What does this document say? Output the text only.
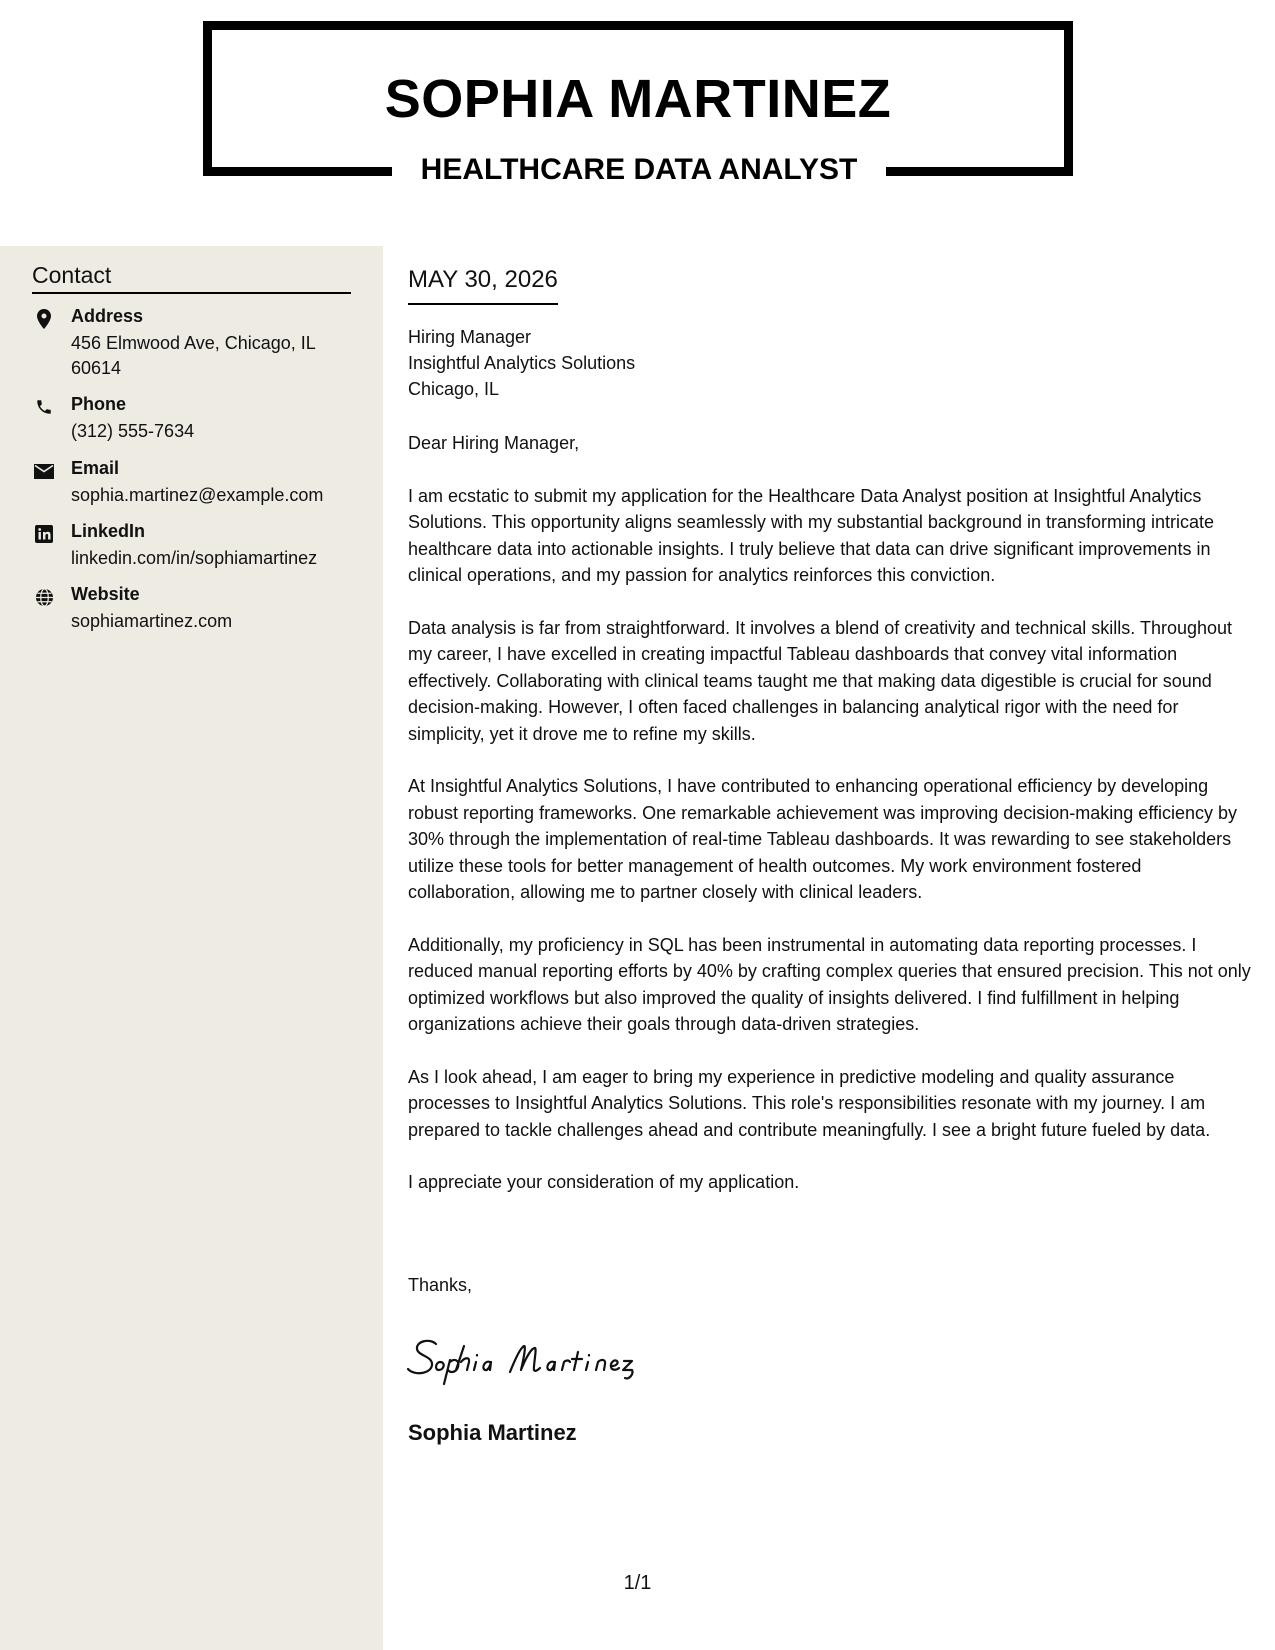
SOPHIA MARTINEZ
HEALTHCARE DATA ANALYST
Contact
Address
456 Elmwood Ave, Chicago, IL 60614
Phone
(312) 555-7634
Email
sophia.martinez@example.com
LinkedIn
linkedin.com/in/sophiamartinez
Website
sophiamartinez.com
MAY 30, 2026
Hiring Manager
Insightful Analytics Solutions
Chicago, IL

Dear Hiring Manager,

I am ecstatic to submit my application for the Healthcare Data Analyst position at Insightful Analytics Solutions. This opportunity aligns seamlessly with my substantial background in transforming intricate healthcare data into actionable insights. I truly believe that data can drive significant improvements in clinical operations, and my passion for analytics reinforces this conviction.

Data analysis is far from straightforward. It involves a blend of creativity and technical skills. Throughout my career, I have excelled in creating impactful Tableau dashboards that convey vital information effectively. Collaborating with clinical teams taught me that making data digestible is crucial for sound decision-making. However, I often faced challenges in balancing analytical rigor with the need for simplicity, yet it drove me to refine my skills.

At Insightful Analytics Solutions, I have contributed to enhancing operational efficiency by developing robust reporting frameworks. One remarkable achievement was improving decision-making efficiency by 30% through the implementation of real-time Tableau dashboards. It was rewarding to see stakeholders utilize these tools for better management of health outcomes. My work environment fostered collaboration, allowing me to partner closely with clinical leaders.

Additionally, my proficiency in SQL has been instrumental in automating data reporting processes. I reduced manual reporting efforts by 40% by crafting complex queries that ensured precision. This not only optimized workflows but also improved the quality of insights delivered. I find fulfillment in helping organizations achieve their goals through data-driven strategies.

As I look ahead, I am eager to bring my experience in predictive modeling and quality assurance processes to Insightful Analytics Solutions. This role's responsibilities resonate with my journey. I am prepared to tackle challenges ahead and contribute meaningfully. I see a bright future fueled by data.

I appreciate your consideration of my application.

Thanks,
Sophia Martinez
1/1
